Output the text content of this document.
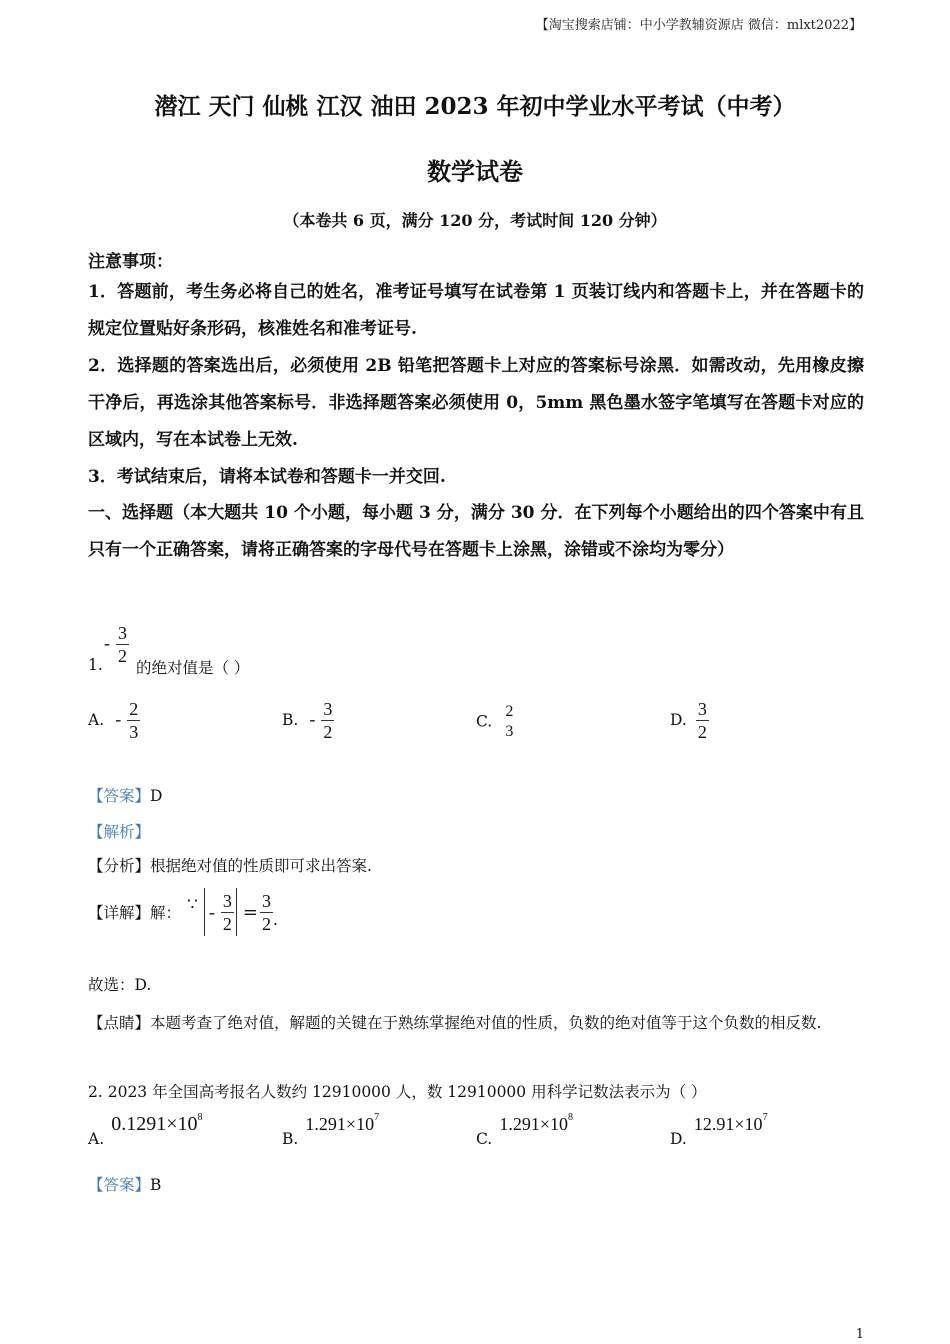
【淘宝搜索店铺：中小学教辅资源店 微信：mlxt2022】
潜江 天门 仙桃 江汉 油田 2023 年初中学业水平考试（中考）
数学试卷
（本卷共 6 页，满分 120 分，考试时间 120 分钟）
注意事项：
1．答题前，考生务必将自己的姓名，准考证号填写在试卷第 1 页装订线内和答题卡上，并在答题卡的规定位置贴好条形码，核准姓名和准考证号.
2．选择题的答案选出后，必须使用 2B 铅笔把答题卡上对应的答案标号涂黑．如需改动，先用橡皮擦干净后，再选涂其他答案标号．非选择题答案必须使用 0，5mm 黑色墨水签字笔填写在答题卡对应的区域内，写在本试卷上无效.
3．考试结束后，请将本试卷和答题卡一并交回.
一、选择题（本大题共 10 个小题，每小题 3 分，满分 30 分．在下列每个小题给出的四个答案中有且只有一个正确答案，请将正确答案的字母代号在答题卡上涂黑，涂错或不涂均为零分）
- $\frac{3}{2}$
1. 的绝对值是（ ）
A. - $\frac{2}{3}$	B. - $\frac{3}{2}$	C.
2
3
D. $\frac{3}{2}$
【答案】D
【解析】
【分析】根据绝对值的性质即可求出答案.
【详解】 解： ∵ - $\frac{3}{2} = \frac{3}{2}$ .
故选：D.
【点睛】本题考查了绝对值，解题的关键在于熟练掌握绝对值的性质，负数的绝对值等于这个负数的相反数.
2. 2023 年全国高考报名人数约 12910000 人，数 12910000 用科学记数法表示为（ ）
A. $0.1291\times 10^8$
B. $1.291\times 10^7$
C. $1.291\times 10^8$
D. $12.91\times 10^7$
【答案】B
1
